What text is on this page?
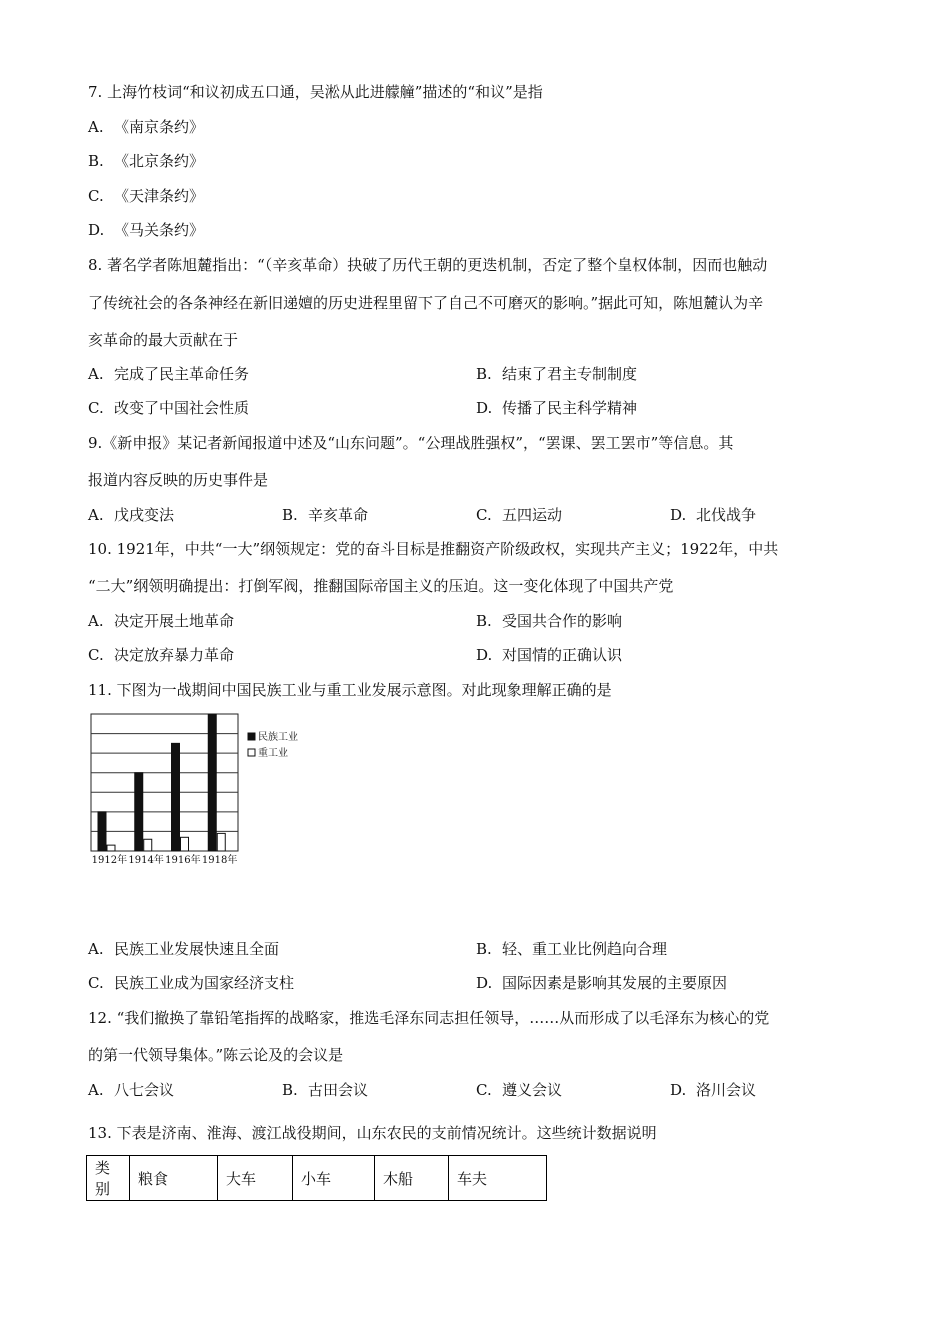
7. 上海竹枝词“和议初成五口通，吴淞从此进艨艟”描述的“和议”是指
A. 《南京条约》
B. 《北京条约》
C. 《天津条约》
D. 《马关条约》
8. 著名学者陈旭麓指出：“（辛亥革命）抉破了历代王朝的更迭机制，否定了整个皇权体制，因而也触动
了传统社会的各条神经在新旧递嬗的历史进程里留下了自己不可磨灭的影响。”据此可知，陈旭麓认为辛
亥革命的最大贡献在于
A. 完成了民主革命任务	B. 结束了君主专制制度
C. 改变了中国社会性质	D. 传播了民主科学精神
9.《新申报》某记者新闻报道中述及“山东问题”。“公理战胜强权”，“罢课、罢工罢市”等信息。其
报道内容反映的历史事件是
A. 戊戌变法	B. 辛亥革命	C. 五四运动	D. 北伐战争
10. 1921年，中共“一大”纲领规定：党的奋斗目标是推翻资产阶级政权，实现共产主义；1922年，中共
“二大”纲领明确提出：打倒军阀，推翻国际帝国主义的压迫。这一变化体现了中国共产党
A. 决定开展土地革命	B. 受国共合作的影响
C. 决定放弃暴力革命	D. 对国情的正确认识
11. 下图为一战期间中国民族工业与重工业发展示意图。对此现象理解正确的是
1912年 1914年 1916年 1918年
民族工业
重工业
A. 民族工业发展快速且全面	B. 轻、重工业比例趋向合理
C. 民族工业成为国家经济支柱	D. 国际因素是影响其发展的主要原因
12. “我们撤换了靠铅笔指挥的战略家，推选毛泽东同志担任领导，……从而形成了以毛泽东为核心的党
的第一代领导集体。”陈云论及的会议是
A. 八七会议	B. 古田会议	C. 遵义会议	D. 洛川会议
13. 下表是济南、淮海、渡江战役期间，山东农民的支前情况统计。这些统计数据说明
类别	粮食	大车	小车	木船	车夫
